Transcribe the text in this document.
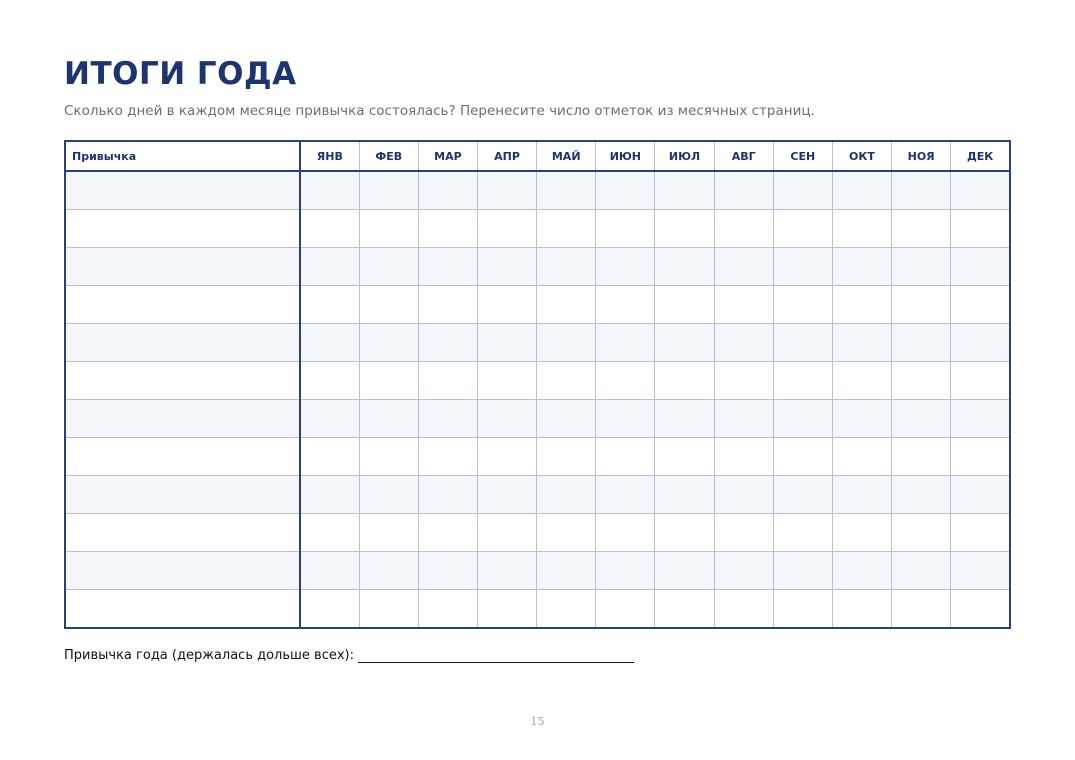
ИТОГИ ГОДА

Сколько дней в каждом месяце привычка состоялась? Перенесите число отметок из месячных страниц.

Привычка	ЯНВ	ФЕВ	МАР	АПР	МАЙ	ИЮН	ИЮЛ	АВГ	СЕН	ОКТ	НОЯ	ДЕК

Привычка года (держалась дольше всех):

15
